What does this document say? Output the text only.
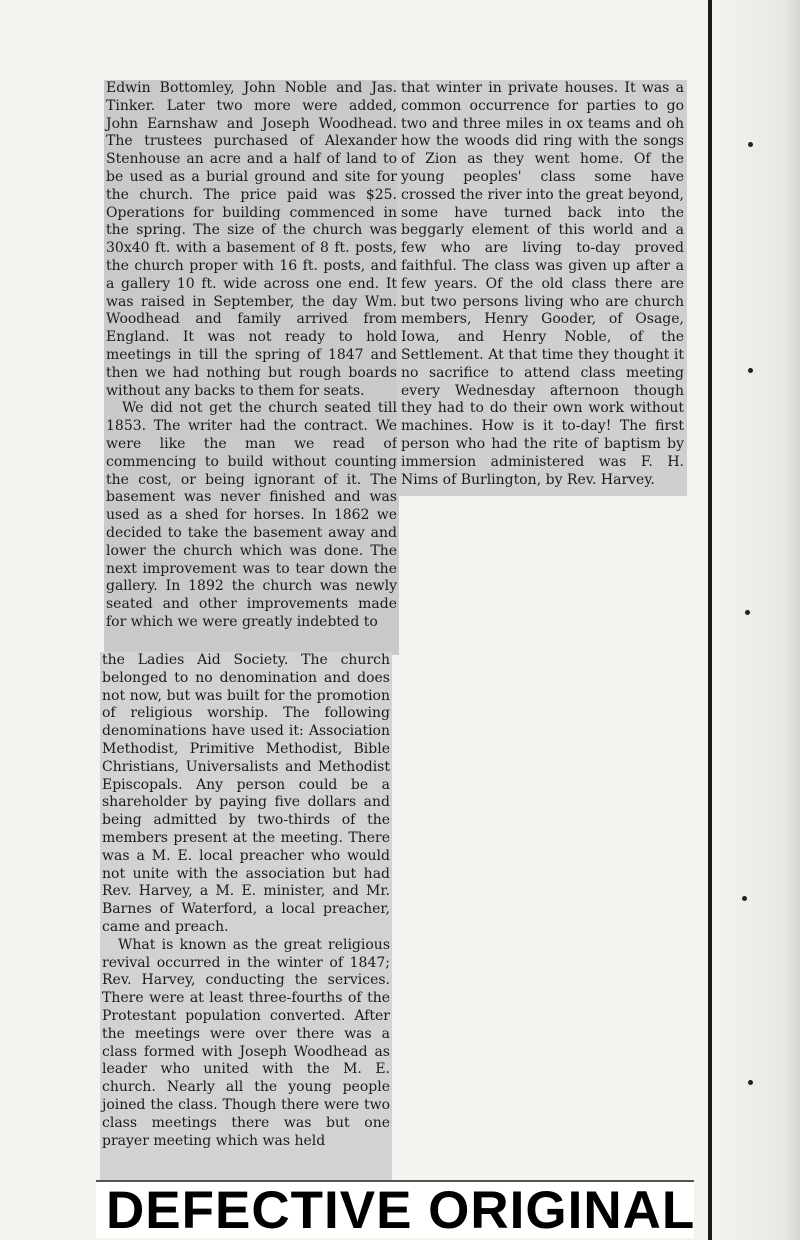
Edwin Bottomley, John Noble and Jas. Tinker. Later two more were added, John Earnshaw and Joseph Woodhead. The trustees purchased of Alexander Stenhouse an acre and a half of land to be used as a burial ground and site for the church. The price paid was $25. Operations for building commenced in the spring. The size of the church was 30x40 ft. with a basement of 8 ft. posts, the church proper with 16 ft. posts, and a gallery 10 ft. wide across one end. It was raised in September, the day Wm. Woodhead and family arrived from England. It was not ready to hold meetings in till the spring of 1847 and then we had nothing but rough boards without any backs to them for seats.

We did not get the church seated till 1853. The writer had the contract. We were like the man we read of commencing to build without counting the cost, or being ignorant of it. The basement was never finished and was used as a shed for horses. In 1862 we decided to take the basement away and lower the church which was done. The next improvement was to tear down the gallery. In 1892 the church was newly seated and other improvements made for which we were greatly indebted to

the Ladies Aid Society. The church belonged to no denomination and does not now, but was built for the promotion of religious worship. The following denominations have used it: Association Methodist, Primitive Methodist, Bible Christians, Universalists and Methodist Episcopals. Any person could be a shareholder by paying five dollars and being admitted by two-thirds of the members present at the meeting. There was a M. E. local preacher who would not unite with the association but had Rev. Harvey, a M. E. minister, and Mr. Barnes of Waterford, a local preacher, came and preach.

What is known as the great religious revival occurred in the winter of 1847; Rev. Harvey, conducting the services. There were at least three-fourths of the Protestant population converted. After the meetings were over there was a class formed with Joseph Woodhead as leader who united with the M. E. church. Nearly all the young people joined the class. Though there were two class meetings there was but one prayer meeting which was held

that winter in private houses. It was a common occurrence for parties to go two and three miles in ox teams and oh how the woods did ring with the songs of Zion as they went home. Of the young peoples' class some have crossed the river into the great beyond, some have turned back into the beggarly element of this world and a few who are living to-day proved faithful. The class was given up after a few years. Of the old class there are but two persons living who are church members, Henry Gooder, of Osage, Iowa, and Henry Noble, of the Settlement. At that time they thought it no sacrifice to attend class meeting every Wednesday afternoon though they had to do their own work without machines. How is it to-day! The first person who had the rite of baptism by immersion administered was F. H. Nims of Burlington, by Rev. Harvey.

DEFECTIVE ORIGINAL
